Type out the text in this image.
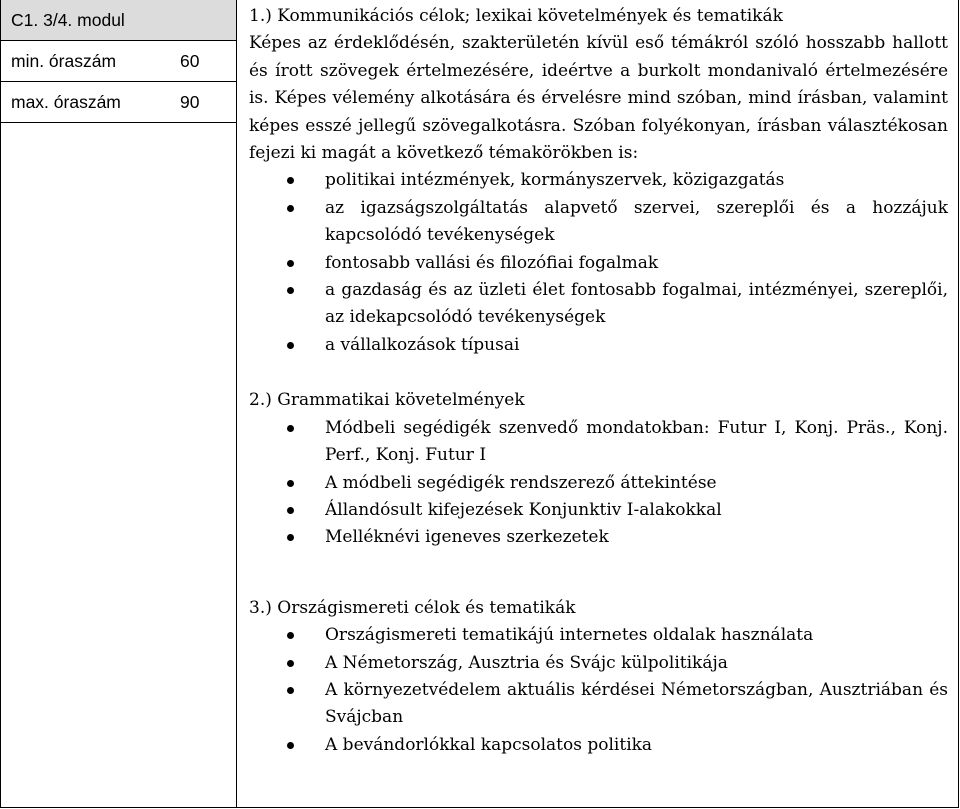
C1. 3/4. modul	
min. óraszám	60
max. óraszám	90

1.) Kommunikációs célok; lexikai követelmények és tematikák

Képes az érdeklődésén, szakterületén kívül eső témákról szóló hosszabb hallott és írott szövegek értelmezésére, ideértve a burkolt mondanivaló értelmezésére is. Képes vélemény alkotására és érvelésre mind szóban, mind írásban, valamint képes esszé jellegű szövegalkotásra. Szóban folyékonyan, írásban választékosan fejezi ki magát a következő témakörökben is:

politikai intézmények, kormányszervek, közigazgatás
az igazságszolgáltatás alapvető szervei, szereplői és a hozzájuk kapcsolódó tevékenységek
fontosabb vallási és filozófiai fogalmak
a gazdaság és az üzleti élet fontosabb fogalmai, intézményei, szereplői, az idekapcsolódó tevékenységek
a vállalkozások típusai

2.) Grammatikai követelmények

Módbeli segédigék szenvedő mondatokban: Futur I, Konj. Präs., Konj. Perf., Konj. Futur I
A módbeli segédigék rendszerező áttekintése
Állandósult kifejezések Konjunktiv I-alakokkal
Melléknévi igeneves szerkezetek

3.) Országismereti célok és tematikák

Országismereti tematikájú internetes oldalak használata
A Németország, Ausztria és Svájc külpolitikája
A környezetvédelem aktuális kérdései Németországban, Ausztriában és Svájcban
A bevándorlókkal kapcsolatos politika
